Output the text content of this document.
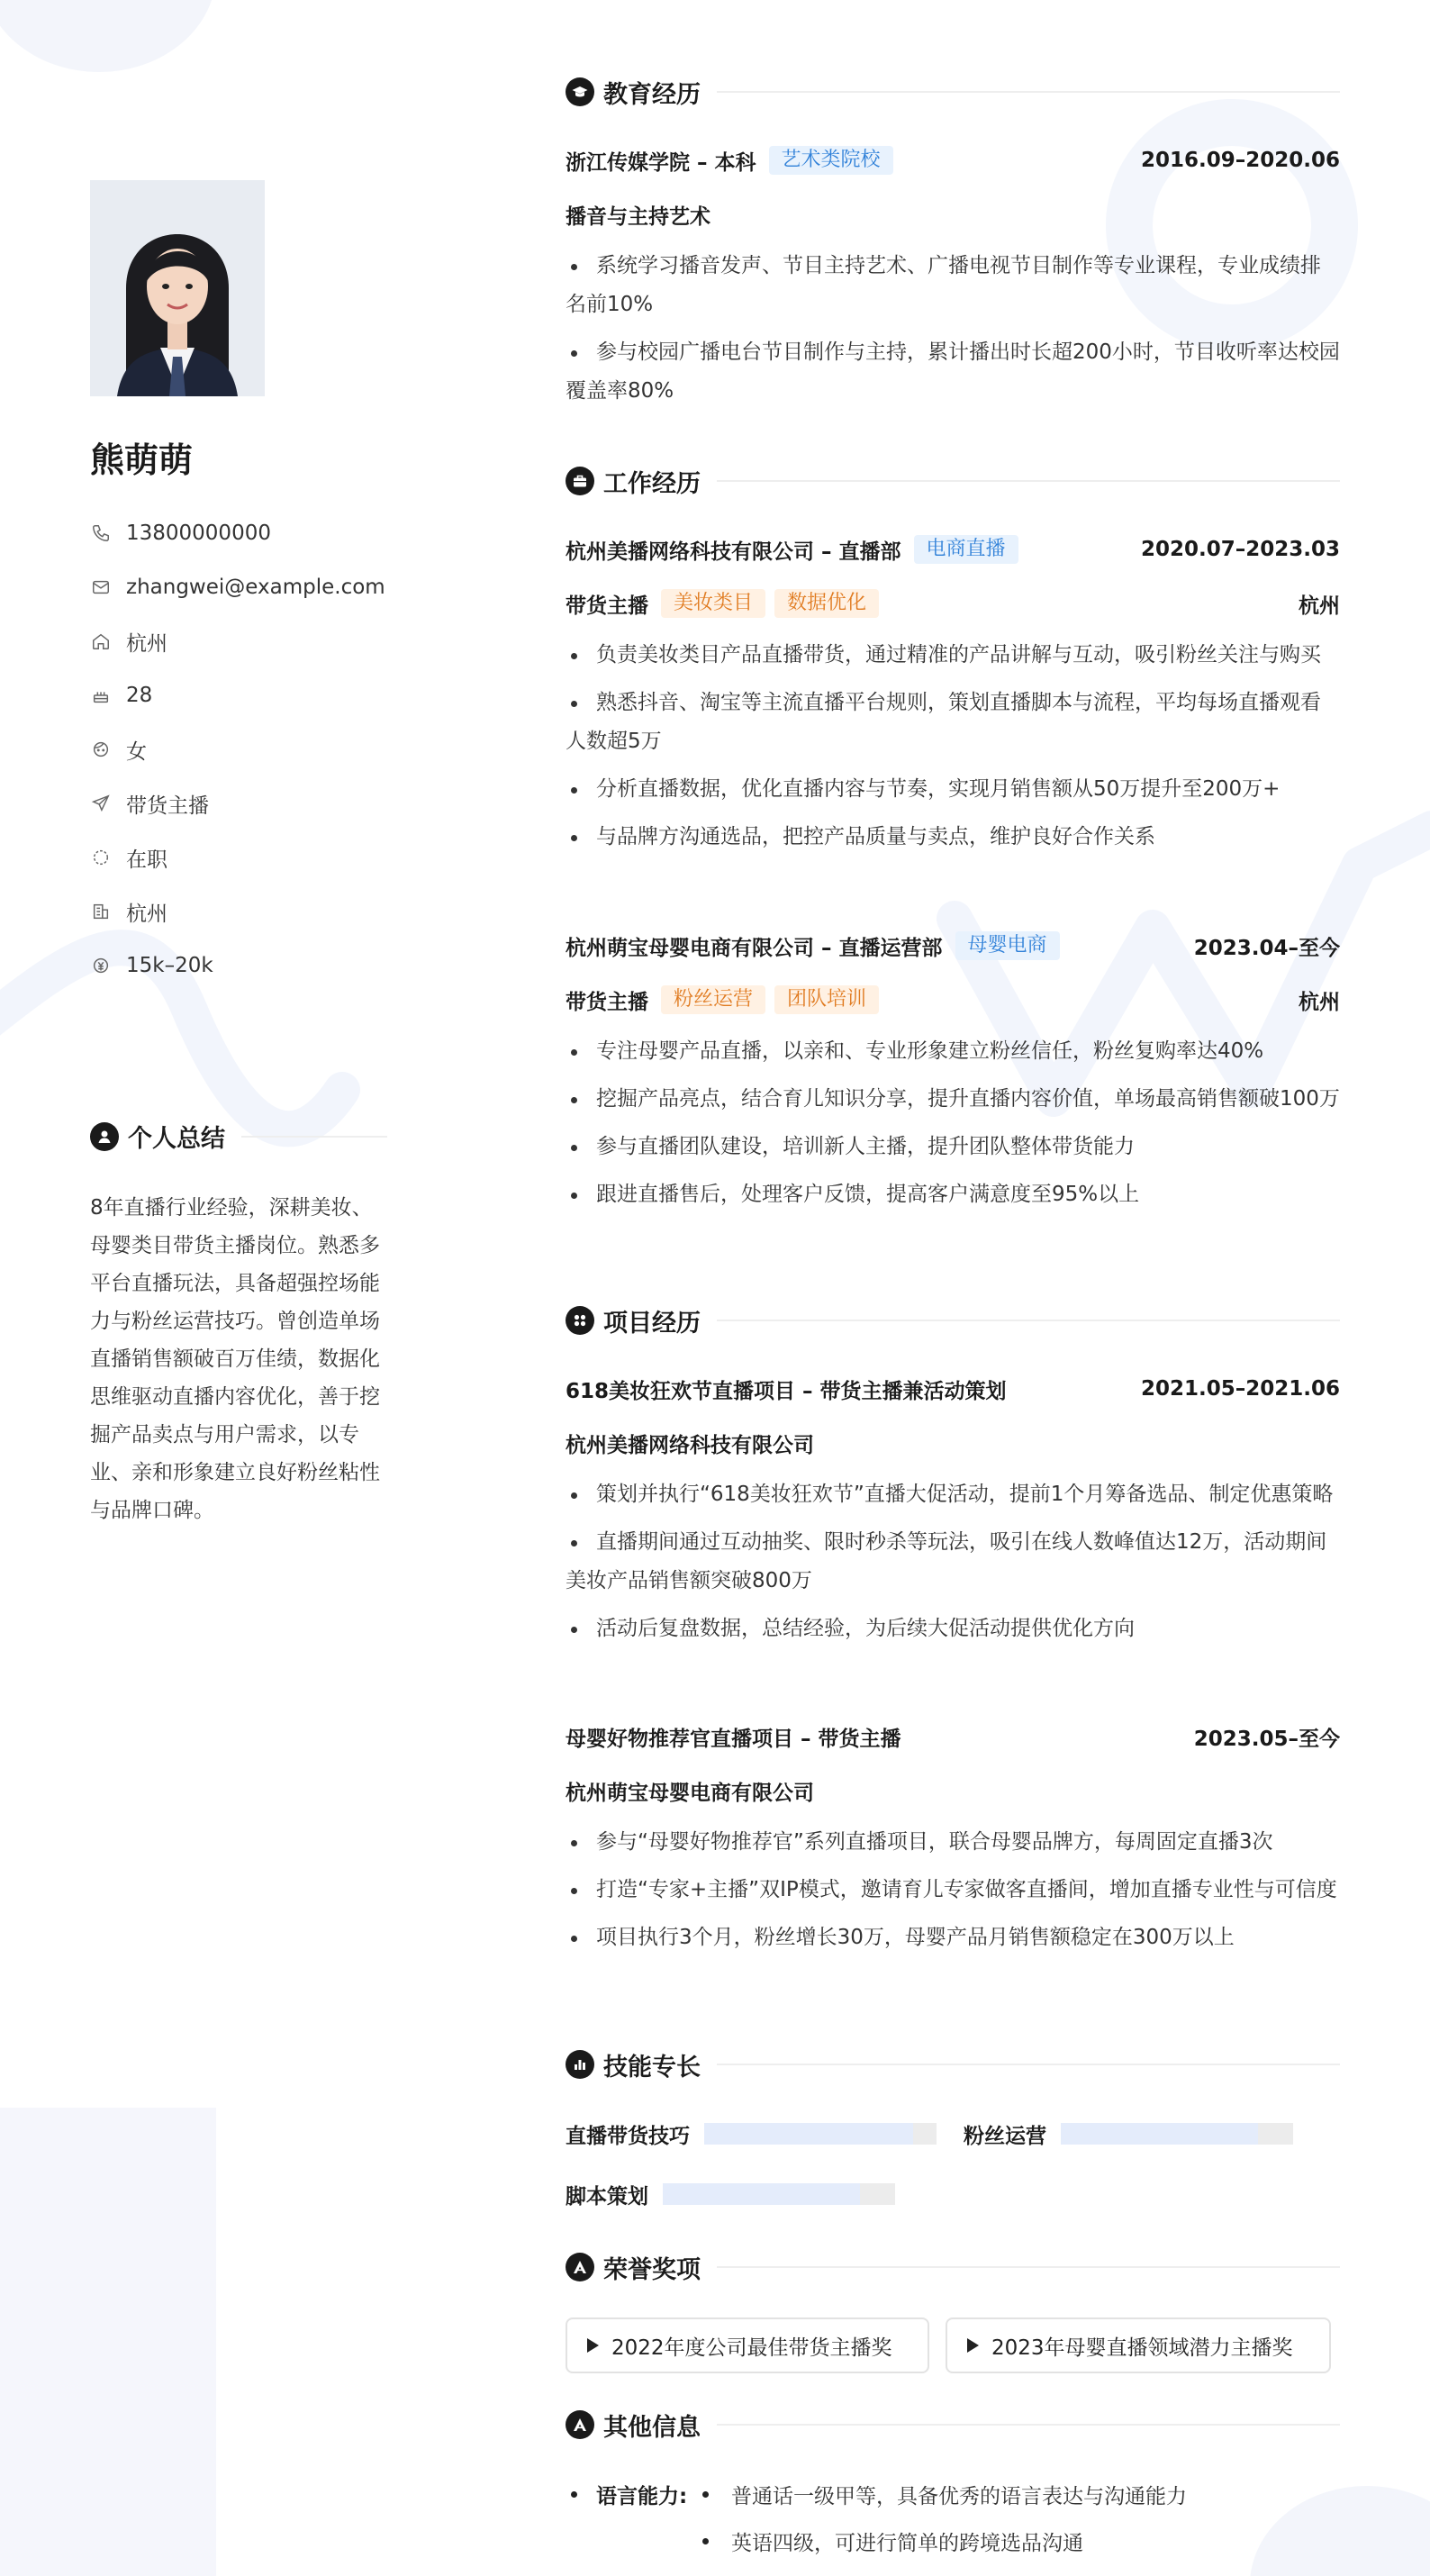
熊萌萌
13800000000
zhangwei@example.com
杭州
28
女
带货主播
在职
杭州
15k–20k
个人总结
8年直播行业经验，深耕美妆、母婴类目带货主播岗位。熟悉多平台直播玩法，具备超强控场能力与粉丝运营技巧。曾创造单场直播销售额破百万佳绩，数据化思维驱动直播内容优化，善于挖掘产品卖点与用户需求，以专业、亲和形象建立良好粉丝粘性与品牌口碑。
教育经历
浙江传媒学院 – 本科	艺术类院校	2016.09–2020.06
播音与主持艺术
系统学习播音发声、节目主持艺术、广播电视节目制作等专业课程，专业成绩排名前10%
参与校园广播电台节目制作与主持，累计播出时长超200小时，节目收听率达校园覆盖率80%
工作经历
杭州美播网络科技有限公司 – 直播部	电商直播	2020.07–2023.03
带货主播	美妆类目	数据优化	杭州
负责美妆类目产品直播带货，通过精准的产品讲解与互动，吸引粉丝关注与购买
熟悉抖音、淘宝等主流直播平台规则，策划直播脚本与流程，平均每场直播观看人数超5万
分析直播数据，优化直播内容与节奏，实现月销售额从50万提升至200万+
与品牌方沟通选品，把控产品质量与卖点，维护良好合作关系
杭州萌宝母婴电商有限公司 – 直播运营部	母婴电商	2023.04–至今
带货主播	粉丝运营	团队培训	杭州
专注母婴产品直播，以亲和、专业形象建立粉丝信任，粉丝复购率达40%
挖掘产品亮点，结合育儿知识分享，提升直播内容价值，单场最高销售额破100万
参与直播团队建设，培训新人主播，提升团队整体带货能力
跟进直播售后，处理客户反馈，提高客户满意度至95%以上
项目经历
618美妆狂欢节直播项目 – 带货主播兼活动策划	2021.05–2021.06
杭州美播网络科技有限公司
策划并执行“618美妆狂欢节”直播大促活动，提前1个月筹备选品、制定优惠策略
直播期间通过互动抽奖、限时秒杀等玩法，吸引在线人数峰值达12万，活动期间美妆产品销售额突破800万
活动后复盘数据，总结经验，为后续大促活动提供优化方向
母婴好物推荐官直播项目 – 带货主播	2023.05–至今
杭州萌宝母婴电商有限公司
参与“母婴好物推荐官”系列直播项目，联合母婴品牌方，每周固定直播3次
打造“专家+主播”双IP模式，邀请育儿专家做客直播间，增加直播专业性与可信度
项目执行3个月，粉丝增长30万，母婴产品月销售额稳定在300万以上
技能专长
直播带货技巧	粉丝运营
脚本策划
荣誉奖项
2022年度公司最佳带货主播奖	2023年母婴直播领域潜力主播奖
其他信息
语言能力: 普通话一级甲等，具备优秀的语言表达与沟通能力
英语四级，可进行简单的跨境选品沟通
